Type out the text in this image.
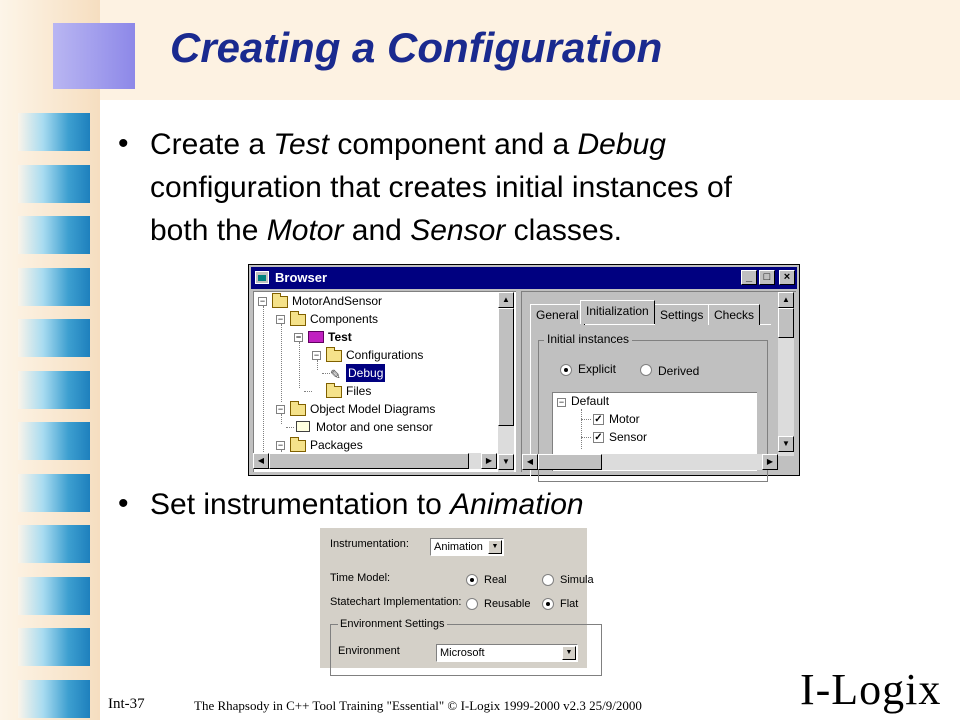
Creating a Configuration
• Create a Test component and a Debug
configuration that creates initial instances of
both the Motor and Sensor classes.
Browser	_	□	×
− MotorAndSensor
− Components
− Test
− Configurations
✎ Debug
Files
− Object Model Diagrams
Motor and one sensor
− Packages
▲
▼
General Initialization Settings Checks
Initial instances
Explicit	Derived
− Default
✓ Motor
✓ Sensor
▲
▼
◀	▶
◀	▶
• Set instrumentation to Animation
Instrumentation: Animation	▼
Time Model:	Real	Simula
Statechart Implementation: Reusable	Flat
Environment Settings
Environment	Microsoft	▼
Int-37	The Rhapsody in C++ Tool Training "Essential" © I-Logix 1999-2000 v2.3 25/9/2000	I-Logix
